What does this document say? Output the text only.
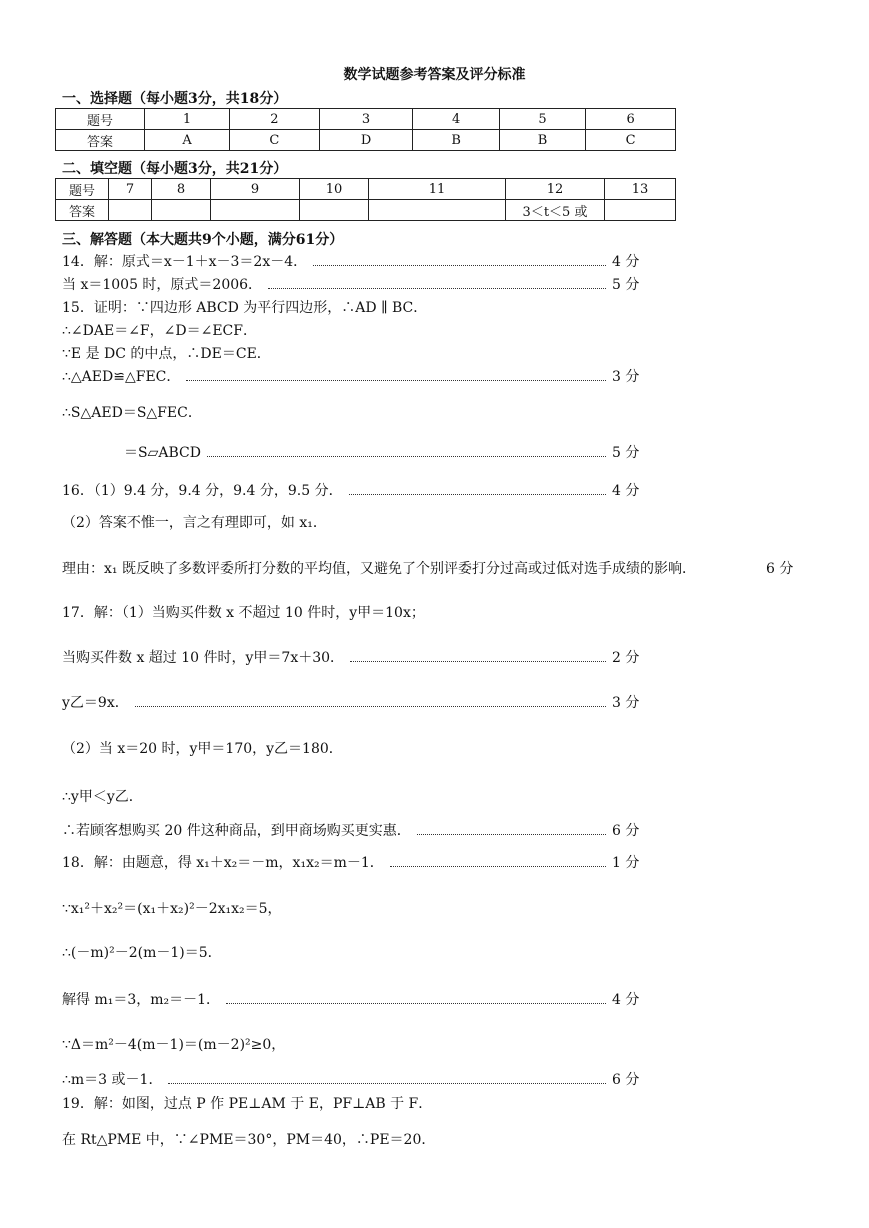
数学试题参考答案及评分标准
一、选择题（每小题3分，共18分）
题号	1	2	3	4	5	6
答案	A	C	D	B	B	C
二、填空题（每小题3分，共21分）
题号	7	8	9	10	11	12	13
答案						3＜t＜5 或	
三、解答题（本大题共9个小题，满分61分）
14．解：原式＝x－1＋x－3＝2x－4．	4 分
当 x＝1005 时，原式＝2006．	5 分
15．证明：∵四边形 ABCD 为平行四边形，∴AD ∥ BC．
∴∠DAE＝∠F，∠D＝∠ECF．
∵E 是 DC 的中点，∴DE＝CE．
∴△AED≌△FEC．	3 分
∴S△AED＝S△FEC．
＝S▱ABCD	5 分
16．（1）9.4 分，9.4 分，9.4 分，9.5 分．	4 分
（2）答案不惟一，言之有理即可，如 x₁．
理由：x₁ 既反映了多数评委所打分数的平均值，又避免了个别评委打分过高或过低对选手成绩的影响．	6 分
17．解：（1）当购买件数 x 不超过 10 件时，y甲＝10x；
当购买件数 x 超过 10 件时，y甲＝7x＋30．	2 分
y乙＝9x．	3 分
（2）当 x＝20 时，y甲＝170，y乙＝180．
∴y甲＜y乙．
∴若顾客想购买 20 件这种商品，到甲商场购买更实惠．	6 分
18．解：由题意，得 x₁＋x₂＝－m，x₁x₂＝m－1．	1 分
∵x₁²＋x₂²＝(x₁＋x₂)²－2x₁x₂＝5，
∴(－m)²－2(m－1)＝5．
解得 m₁＝3，m₂＝－1．	4 分
∵Δ＝m²－4(m－1)＝(m－2)²≥0，
∴m＝3 或－1．	6 分
19．解：如图，过点 P 作 PE⊥AM 于 E，PF⊥AB 于 F．
在 Rt△PME 中，∵∠PME＝30°，PM＝40，∴PE＝20．
